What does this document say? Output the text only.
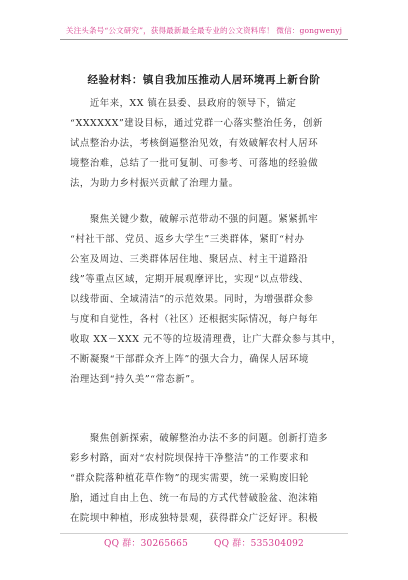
关注头条号“公文研究”，获得最新最全最专业的公文资料库！ 微信：gongwenyj
经验材料：镇自我加压推动人居环境再上新台阶
　　近年来，XX 镇在县委、县政府的领导下，锚定
“XXXXXX”建设目标，通过党群一心落实整治任务，创新
试点整治办法，考核倒逼整治见效，有效破解农村人居环
境整治难，总结了一批可复制、可参考、可落地的经验做
法，为助力乡村振兴贡献了治理力量。
　　聚焦关键少数，破解示范带动不强的问题。紧紧抓牢
“村社干部、党员、返乡大学生”三类群体，紧盯“村办
公室及周边、三类群体居住地、聚居点、村主干道路沿
线”等重点区域，定期开展观摩评比，实现“以点带线、
以线带面、全域清洁”的示范效果。同时，为增强群众参
与度和自觉性，各村（社区）还根据实际情况，每户每年
收取 XX－XXX 元不等的垃圾清理费，让广大群众参与其中，
不断凝聚“干部群众齐上阵”的强大合力，确保人居环境
治理达到“持久美”“常态新”。
　　聚焦创新探索，破解整治办法不多的问题。创新打造多
彩乡村路，面对“农村院坝保持干净整洁”的工作要求和
“群众院落种植花草作物”的现实需要，统一采购废旧轮
胎，通过自由上色、统一布局的方式代替破脸盆、泡沫箱
在院坝中种植，形成独特景观，获得群众广泛好评。积极
QQ 群：30265665	QQ 群：535304092
